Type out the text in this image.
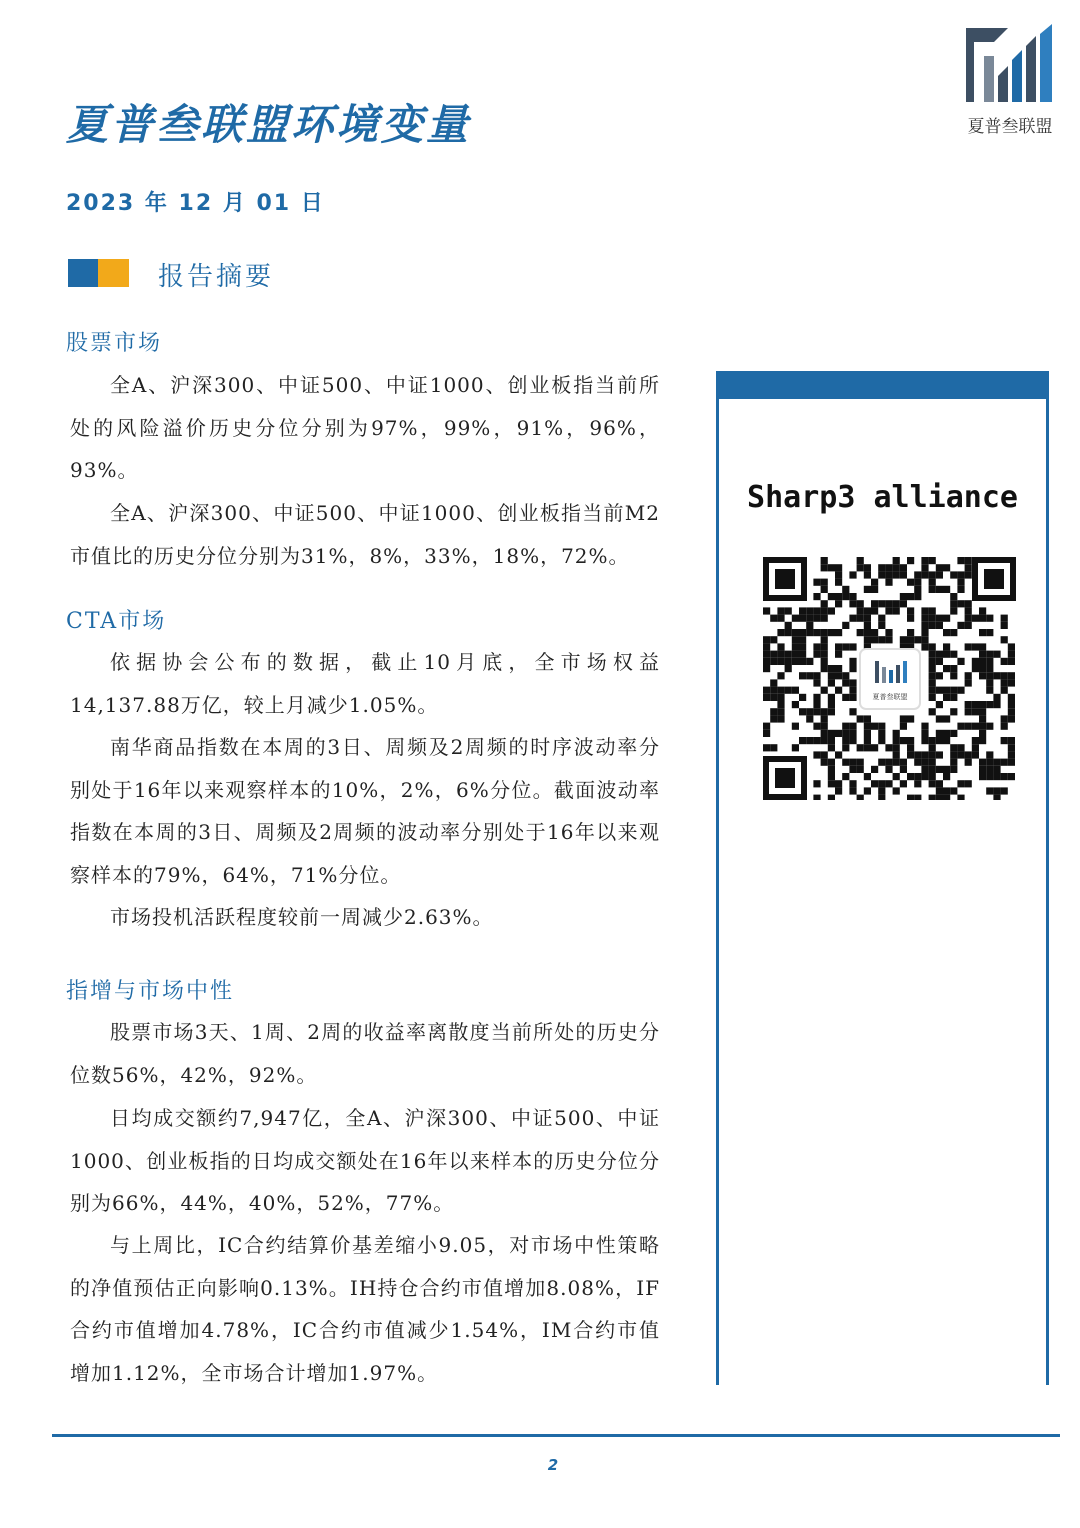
夏普叁联盟环境变量
2023 年 12 月 01 日
夏普叁联盟
报告摘要
股票市场
全A、沪深300、中证500、中证1000、创业板指当前所处的风险溢价历史分位分别为97%，99%，91%，96%，93%。
全A、沪深300、中证500、中证1000、创业板指当前M2市值比的历史分位分别为31%，8%，33%，18%，72%。
CTA市场
依据协会公布的数据，截止10月底，全市场权益14,137.88万亿，较上月减少1.05%。
南华商品指数在本周的3日、周频及2周频的时序波动率分别处于16年以来观察样本的10%，2%，6%分位。截面波动率指数在本周的3日、周频及2周频的波动率分别处于16年以来观察样本的79%，64%，71%分位。
市场投机活跃程度较前一周减少2.63%。
指增与市场中性
股票市场3天、1周、2周的收益率离散度当前所处的历史分位数56%，42%，92%。
日均成交额约7,947亿，全A、沪深300、中证500、中证1000、创业板指的日均成交额处在16年以来样本的历史分位分别为66%，44%，40%，52%，77%。
与上周比，IC合约结算价基差缩小9.05，对市场中性策略的净值预估正向影响0.13%。IH持仓合约市值增加8.08%，IF合约市值增加4.78%，IC合约市值减少1.54%，IM合约市值增加1.12%，全市场合计增加1.97%。
Sharp3 alliance
夏普叁联盟
2
